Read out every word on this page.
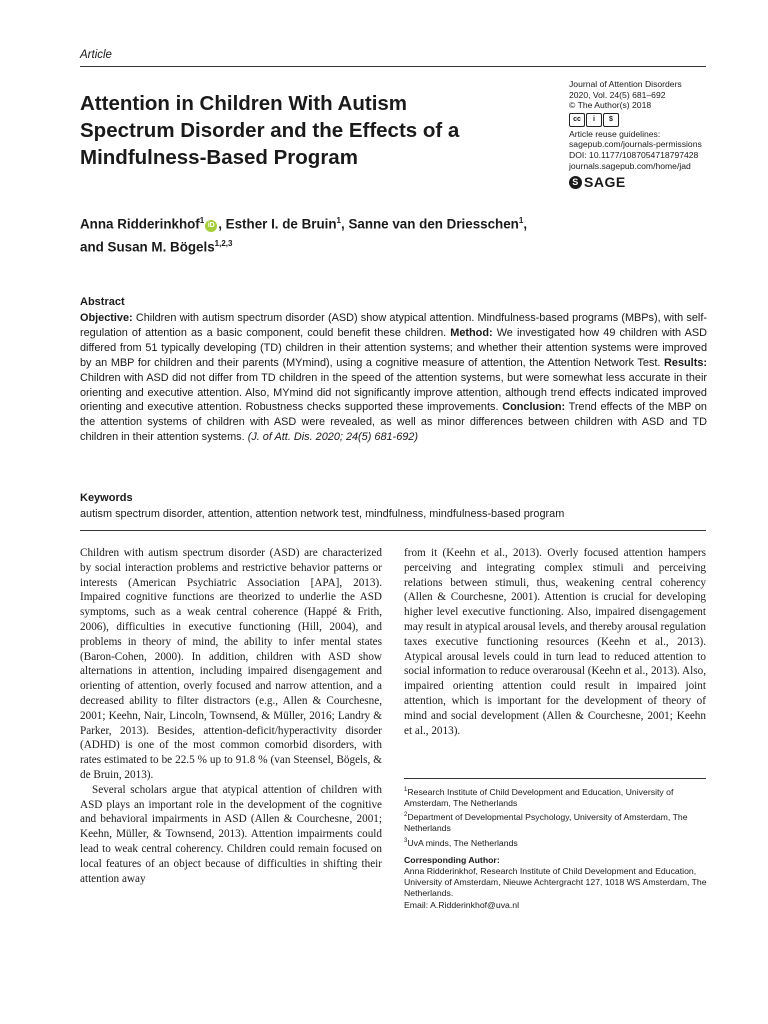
Article
Attention in Children With Autism Spectrum Disorder and the Effects of a Mindfulness-Based Program
Journal of Attention Disorders
2020, Vol. 24(5) 681–692
© The Author(s) 2018
cc	i	$
Article reuse guidelines:
sagepub.com/journals-permissions
DOI: 10.1177/1087054718797428
journals.sagepub.com/home/jad
S SAGE
Anna Ridderinkhof$^1$iD , Esther I. de Bruin$^1$, Sanne van den Driesschen$^1$,
and Susan M. Bögels$^{1,2,3}$
Abstract
Objective: Children with autism spectrum disorder (ASD) show atypical attention. Mindfulness-based programs (MBPs), with self-regulation of attention as a basic component, could benefit these children. Method: We investigated how 49 children with ASD differed from 51 typically developing (TD) children in their attention systems; and whether their attention systems were improved by an MBP for children and their parents (MYmind), using a cognitive measure of attention, the Attention Network Test. Results: Children with ASD did not differ from TD children in the speed of the attention systems, but were somewhat less accurate in their orienting and executive attention. Also, MYmind did not significantly improve attention, although trend effects indicated improved orienting and executive attention. Robustness checks supported these improvements. Conclusion: Trend effects of the MBP on the attention systems of children with ASD were revealed, as well as minor differences between children with ASD and TD children in their attention systems. (J. of Att. Dis. 2020; 24(5) 681-692)
Keywords
autism spectrum disorder, attention, attention network test, mindfulness, mindfulness-based program

Children with autism spectrum disorder (ASD) are characterized by social interaction problems and restrictive behavior patterns or interests (American Psychiatric Association [APA], 2013). Impaired cognitive functions are theorized to underlie the ASD symptoms, such as a weak central coherence (Happé & Frith, 2006), difficulties in executive functioning (Hill, 2004), and problems in theory of mind, the ability to infer mental states (Baron-Cohen, 2000). In addition, children with ASD show alternations in attention, including impaired disengagement and orienting of attention, overly focused and narrow attention, and a decreased ability to filter distractors (e.g., Allen & Courchesne, 2001; Keehn, Nair, Lincoln, Townsend, & Müller, 2016; Landry & Parker, 2013). Besides, attention-deficit/hyperactivity disorder (ADHD) is one of the most common comorbid disorders, with rates estimated to be 22.5 % up to 91.8 % (van Steensel, Bögels, & de Bruin, 2013).

Several scholars argue that atypical attention of children with ASD plays an important role in the development of the cognitive and behavioral impairments in ASD (Allen & Courchesne, 2001; Keehn, Müller, & Townsend, 2013). Attention impairments could lead to weak central coherency. Children could remain focused on local features of an object because of difficulties in shifting their attention away

from it (Keehn et al., 2013). Overly focused attention hampers perceiving and integrating complex stimuli and perceiving relations between stimuli, thus, weakening central coherency (Allen & Courchesne, 2001). Attention is crucial for developing higher level executive functioning. Also, impaired disengagement may result in atypical arousal levels, and thereby arousal regulation taxes executive functioning resources (Keehn et al., 2013). Atypical arousal levels could in turn lead to reduced attention to social information to reduce overarousal (Keehn et al., 2013). Also, impaired orienting attention could result in impaired joint attention, which is important for the development of theory of mind and social development (Allen & Courchesne, 2001; Keehn et al., 2013).

$^1$Research Institute of Child Development and Education, University of Amsterdam, The Netherlands
$^2$Department of Developmental Psychology, University of Amsterdam, The Netherlands
$^3$UvA minds, The Netherlands
Corresponding Author:
Anna Ridderinkhof, Research Institute of Child Development and Education, University of Amsterdam, Nieuwe Achtergracht 127, 1018 WS Amsterdam, The Netherlands.
Email: A.Ridderinkhof@uva.nl
